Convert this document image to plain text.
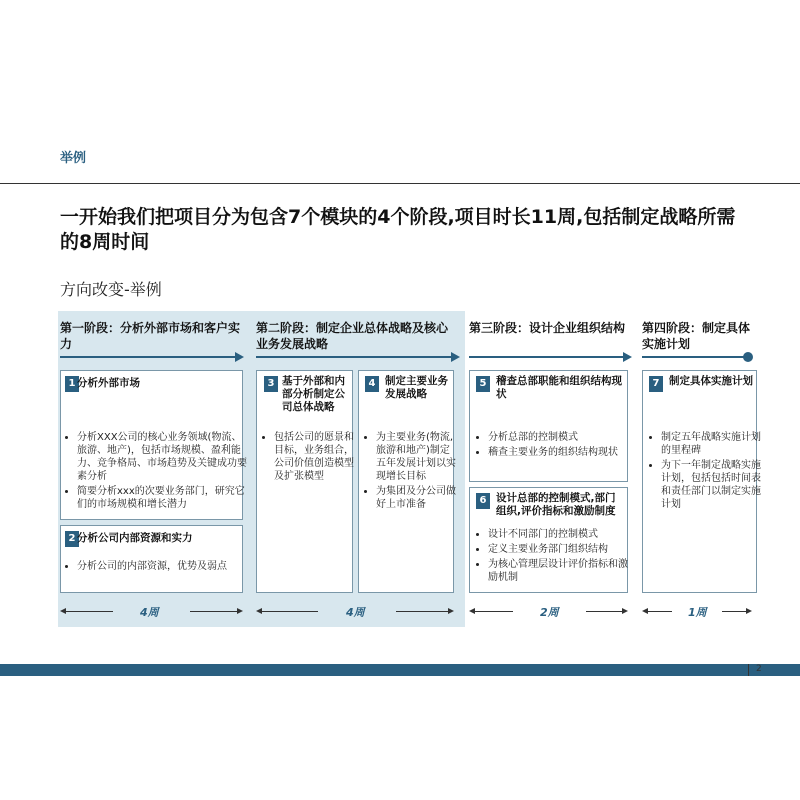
举例
一开始我们把项目分为包含7个模块的4个阶段,项目时长11周,包括制定战略所需的8周时间
方向改变-举例
第一阶段：分析外部市场和客户实力
第二阶段：制定企业总体战略及核心业务发展战略
第三阶段：设计企业组织结构	第四阶段：制定具体实施计划
1 分析外部市场
• 分析XXX公司的核心业务领域(物流、旅游、地产)，包括市场规模、盈利能力、竞争格局、市场趋势及关键成功要素分析
• 简要分析xxx的次要业务部门，研究它们的市场规模和增长潜力
2 分析公司内部资源和实力
• 分析公司的内部资源，优势及弱点
3 基于外部和内部分析制定公司总体战略
• 包括公司的愿景和目标，业务组合，公司价值创造模型及扩张模型
4 制定主要业务发展战略
• 为主要业务(物流,旅游和地产)制定五年发展计划以实现增长目标
• 为集团及分公司做好上市准备
5 稽查总部职能和组织结构现状
• 分析总部的控制模式
• 稽查主要业务的组织结构现状
6 设计总部的控制模式,部门组织,评价指标和激励制度
• 设计不同部门的控制模式
• 定义主要业务部门组织结构
• 为核心管理层设计评价指标和激励机制
7 制定具体实施计划
• 制定五年战略实施计划的里程碑
• 为下一年制定战略实施计划，包括包括时间表和责任部门以制定实施计划
4周	4周	2周	1周
2
